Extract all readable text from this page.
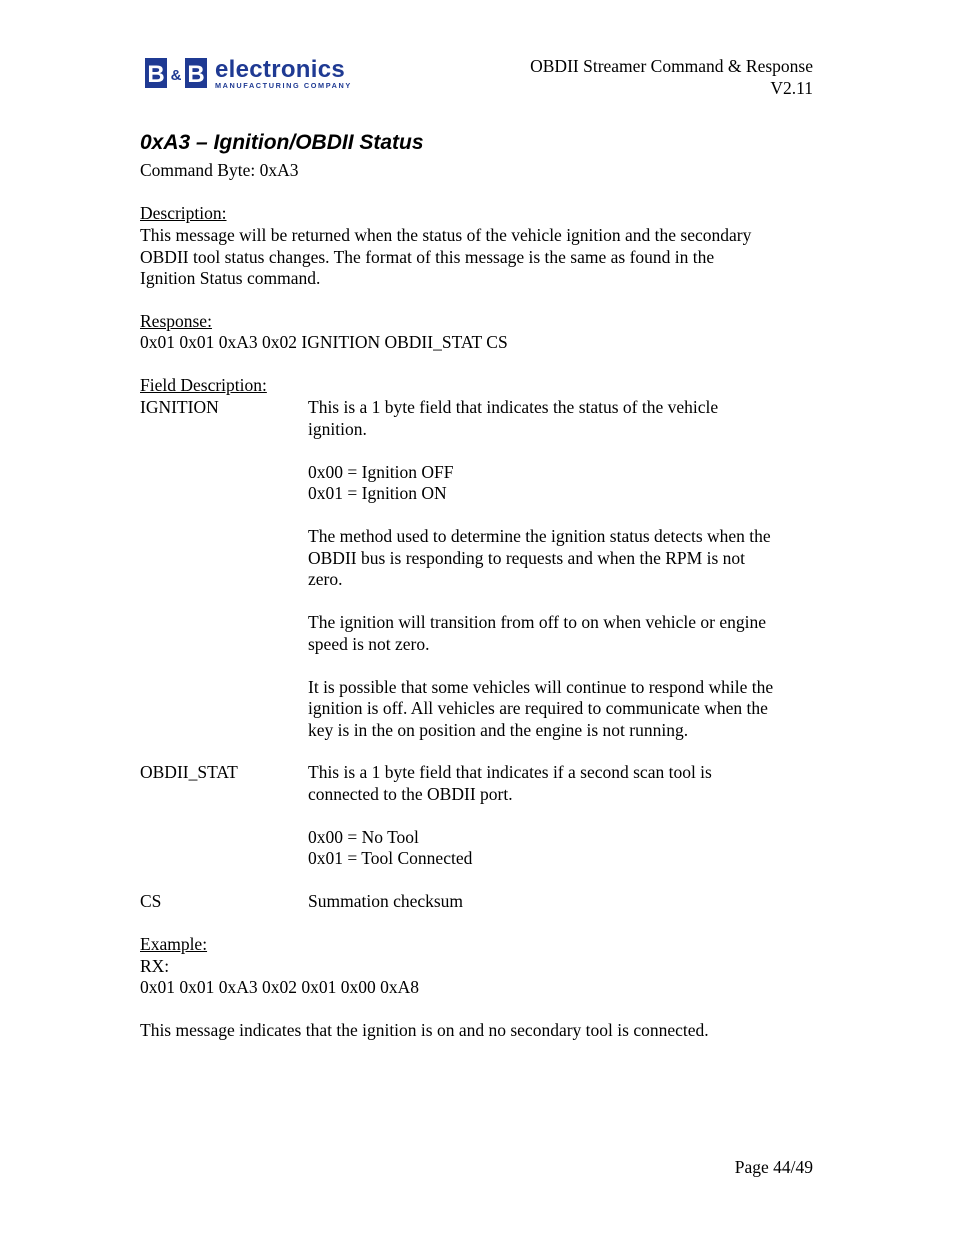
B & B electronics
MANUFACTURING COMPANY

OBDII Streamer Command & Response

V2.11

0xA3 – Ignition/OBDII Status

Command Byte: 0xA3

Description:

This message will be returned when the status of the vehicle ignition and the secondary

OBDII tool status changes. The format of this message is the same as found in the

Ignition Status command.

Response:

0x01 0x01 0xA3 0x02 IGNITION OBDII_STAT CS

Field Description:

IGNITION	This is a 1 byte field that indicates the status of the vehicle

ignition.

0x00 = Ignition OFF

0x01 = Ignition ON

The method used to determine the ignition status detects when the

OBDII bus is responding to requests and when the RPM is not

zero.

The ignition will transition from off to on when vehicle or engine

speed is not zero.

It is possible that some vehicles will continue to respond while the

ignition is off. All vehicles are required to communicate when the

key is in the on position and the engine is not running.

OBDII_STAT	This is a 1 byte field that indicates if a second scan tool is

connected to the OBDII port.

0x00 = No Tool

0x01 = Tool Connected

CS	Summation checksum

Example:

RX:

0x01 0x01 0xA3 0x02 0x01 0x00 0xA8

This message indicates that the ignition is on and no secondary tool is connected.

Page 44/49
